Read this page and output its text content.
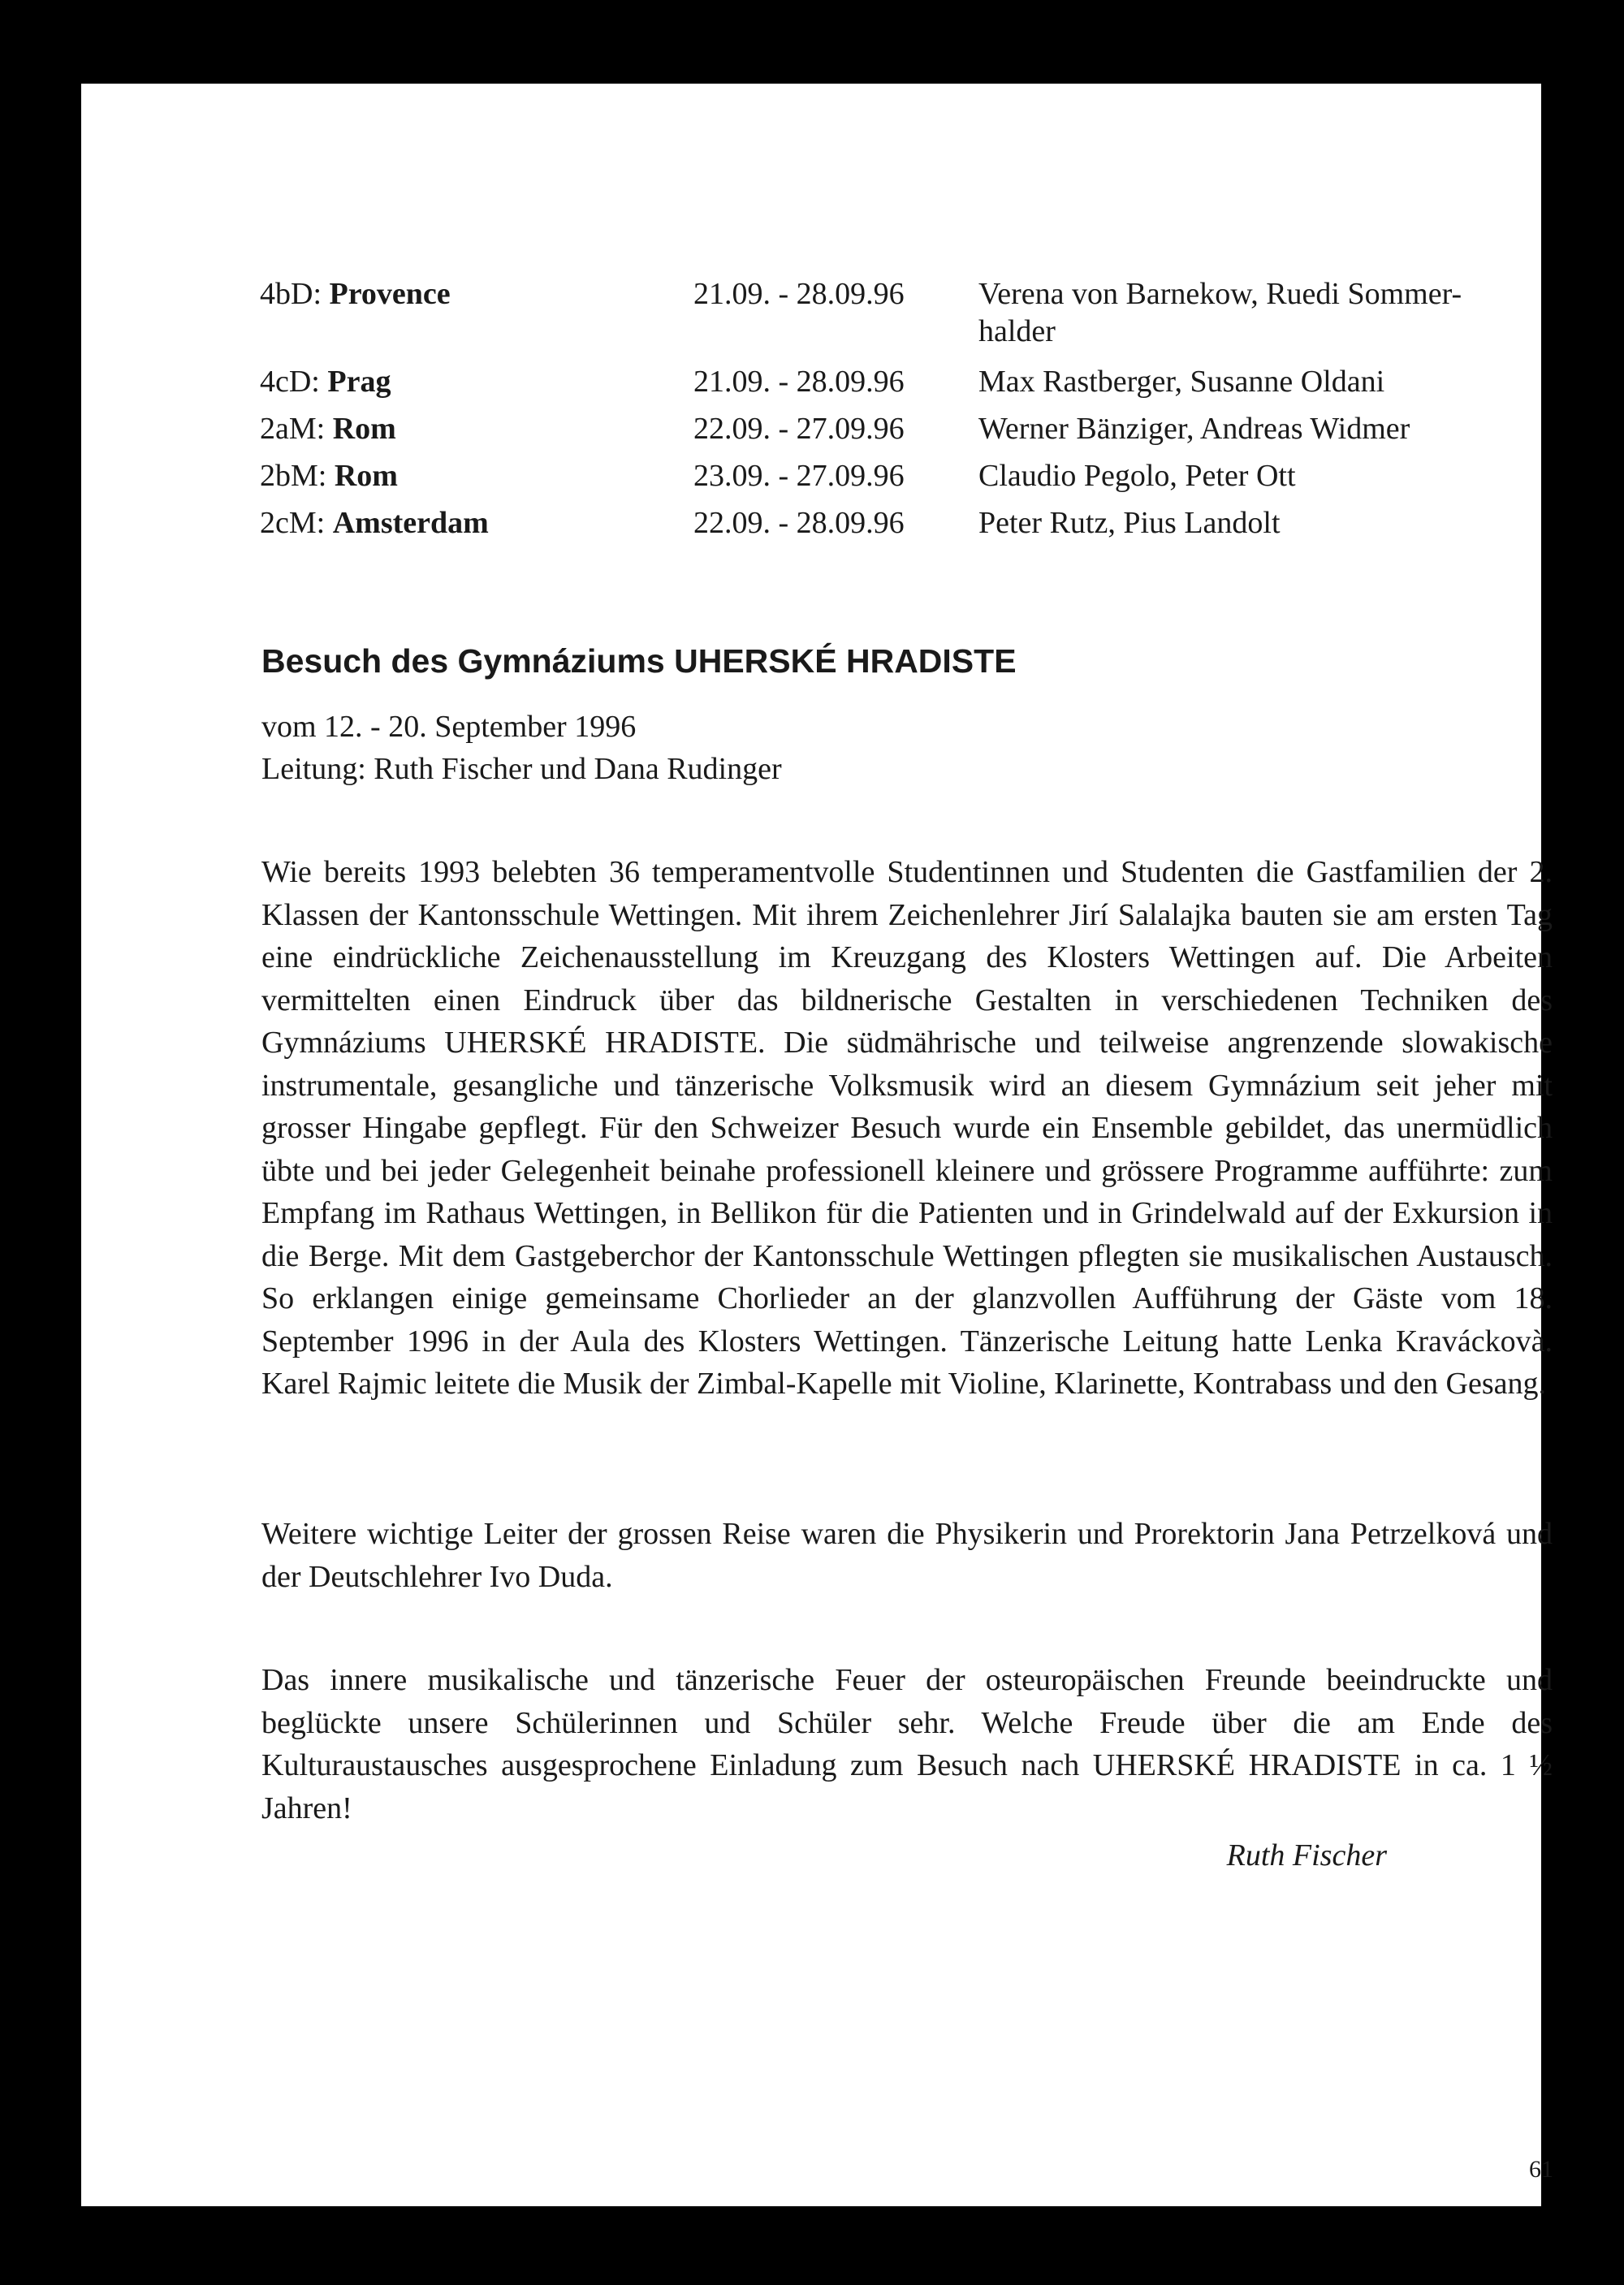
4bD: Provence	21.09. - 28.09.96 Verena von Barnekow, Ruedi Sommer-
halder
4cD: Prag	21.09. - 28.09.96 Max Rastberger, Susanne Oldani
2aM: Rom	22.09. - 27.09.96 Werner Bänziger, Andreas Widmer
2bM: Rom	23.09. - 27.09.96 Claudio Pegolo, Peter Ott
2cM: Amsterdam	22.09. - 28.09.96 Peter Rutz, Pius Landolt
Besuch des Gymnáziums UHERSKÉ HRADISTE
vom 12. - 20. September 1996
Leitung: Ruth Fischer und Dana Rudinger

Wie bereits 1993 belebten 36 temperamentvolle Studentinnen und Studenten die Gastfamilien der 2. Klassen der Kantonsschule Wettingen. Mit ihrem Zeichenlehrer Jirí Salalajka bauten sie am ersten Tag eine eindrückliche Zeichenausstellung im Kreuzgang des Klosters Wettingen auf. Die Arbeiten vermittelten einen Eindruck über das bildnerische Gestalten in verschiedenen Techniken des Gymnáziums UHERSKÉ HRADISTE. Die südmährische und teilweise angrenzende slowakische instrumentale, gesangliche und tänzerische Volksmusik wird an diesem Gymnázium seit jeher mit grosser Hingabe gepflegt. Für den Schweizer Besuch wurde ein Ensemble gebildet, das unermüdlich übte und bei jeder Gelegenheit beinahe professionell kleinere und grössere Programme aufführte: zum Empfang im Rathaus Wettingen, in Bellikon für die Patienten und in Grindelwald auf der Exkursion in die Berge. Mit dem Gastgeberchor der Kantonsschule Wettingen pflegten sie musikalischen Austausch. So erklangen einige gemeinsame Chorlieder an der glanzvollen Aufführung der Gäste vom 18. September 1996 in der Aula des Klosters Wettingen. Tänzerische Leitung hatte Lenka Kraváckovà. Karel Rajmic leitete die Musik der Zimbal-Kapelle mit Violine, Klarinette, Kontrabass und den Gesang.

Weitere wichtige Leiter der grossen Reise waren die Physikerin und Prorektorin Jana Petrzelková und der Deutschlehrer Ivo Duda.

Das innere musikalische und tänzerische Feuer der osteuropäischen Freunde beeindruckte und beglückte unsere Schülerinnen und Schüler sehr. Welche Freude über die am Ende des Kulturaustausches ausgesprochene Einladung zum Besuch nach UHERSKÉ HRADISTE in ca. 1 ½ Jahren!

Ruth Fischer
61
